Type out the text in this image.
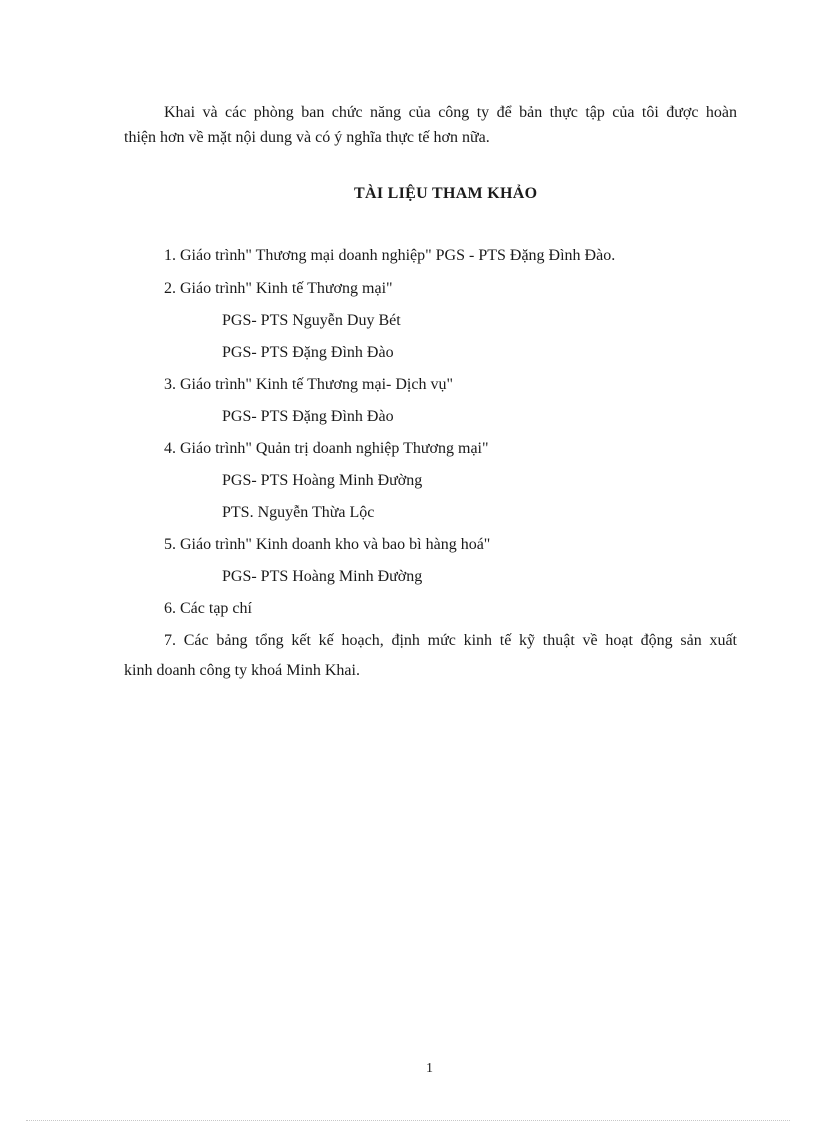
Khai và các phòng ban chức năng của công ty để bản thực tập của tôi được hoàn
thiện hơn về mặt nội dung và có ý nghĩa thực tế hơn nữa.
TÀI LIỆU THAM KHẢO
1. Giáo trình" Thương mại doanh nghiệp" PGS - PTS Đặng Đình Đào.
2. Giáo trình" Kinh tế Thương mại"
PGS- PTS Nguyễn Duy Bét
PGS- PTS Đặng Đình Đào
3. Giáo trình" Kinh tế Thương mại- Dịch vụ"
PGS- PTS Đặng Đình Đào
4. Giáo trình" Quản trị doanh nghiệp Thương mại"
PGS- PTS Hoàng Minh Đường
PTS. Nguyễn Thừa Lộc
5. Giáo trình" Kinh doanh kho và bao bì hàng hoá"
PGS- PTS Hoàng Minh Đường
6. Các tạp chí
7. Các bảng tổng kết kế hoạch, định mức kinh tế kỹ thuật về hoạt động sản xuất
kinh doanh công ty khoá Minh Khai.
1
